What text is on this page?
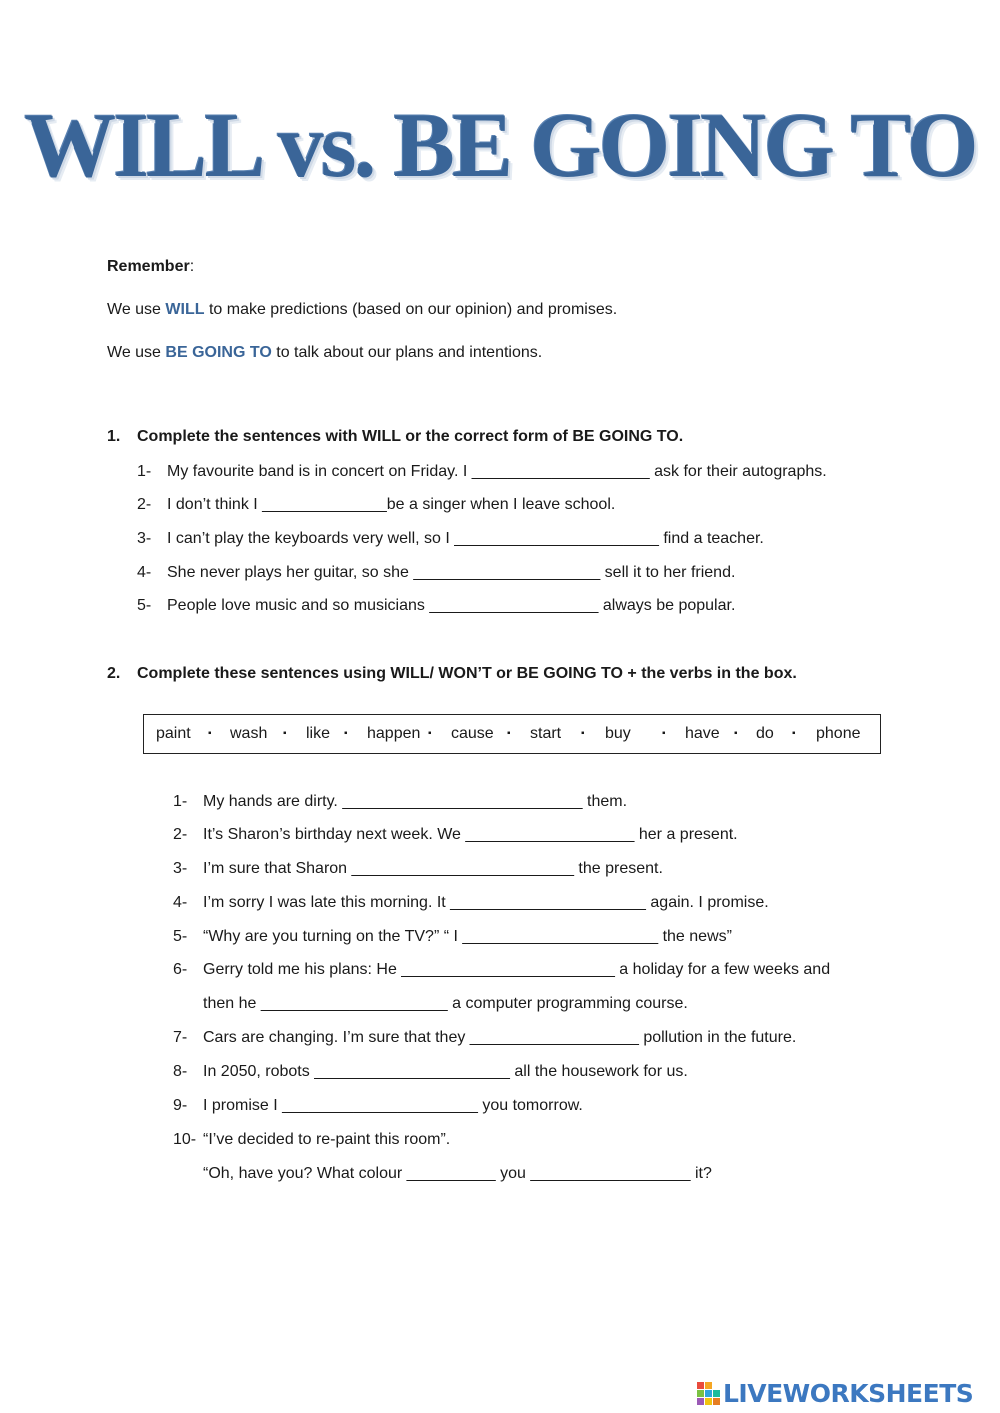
WILL vs. BE GOING TO
Remember:
We use WILL to make predictions (based on our opinion) and promises.
We use BE GOING TO to talk about our plans and intentions.
1. Complete the sentences with WILL or the correct form of BE GOING TO.
1- My favourite band is in concert on Friday. I ____________________ ask for their autographs.
2- I don’t think I ______________be a singer when I leave school.
3- I can’t play the keyboards very well, so I _______________________ find a teacher.
4- She never plays her guitar, so she _____________________ sell it to her friend.
5- People love music and so musicians ___________________ always be popular.
2. Complete these sentences using WILL/ WON’T or BE GOING TO + the verbs in the box.
paint ▪ wash ▪ like ▪ happen ▪ cause ▪ start ▪ buy	▪ have ▪ do ▪ phone
1- My hands are dirty. ___________________________ them.
2- It’s Sharon’s birthday next week. We ___________________ her a present.
3- I’m sure that Sharon _________________________ the present.
4- I’m sorry I was late this morning. It ______________________ again. I promise.
5- “Why are you turning on the TV?” “ I ______________________ the news”
6- Gerry told me his plans: He ________________________ a holiday for a few weeks and
then he _____________________ a computer programming course.
7- Cars are changing. I’m sure that they ___________________ pollution in the future.
8- In 2050, robots ______________________ all the housework for us.
9- I promise I ______________________ you tomorrow.
10- “I’ve decided to re-paint this room”.
“Oh, have you? What colour __________ you __________________ it?
LIVEWORKSHEETS
